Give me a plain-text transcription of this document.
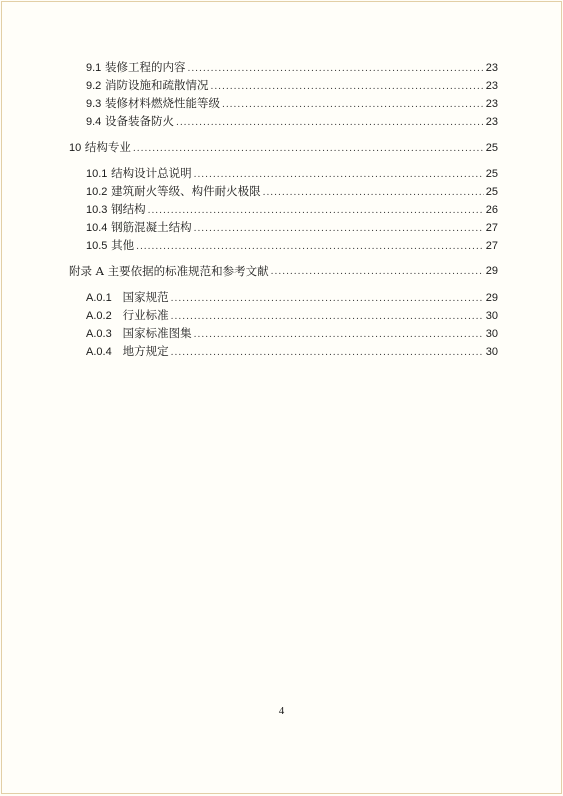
9.1 装修工程的内容 .....	23
9.2 消防设施和疏散情况 .....	23
9.3 装修材料燃烧性能等级 .....	23
9.4 设备装备防火 .....	23
10 结构专业 .....	25
10.1 结构设计总说明 .....	25
10.2 建筑耐火等级、构件耐火极限 .....	25
10.3 钢结构 .....	26
10.4 钢筋混凝土结构 .....	27
10.5 其他 .....	27
附录 A 主要依据的标准规范和参考文献 .....	29
A.0.1 国家规范 .....	29
A.0.2 行业标准 .....	30
A.0.3 国家标准图集 .....	30
A.0.4 地方规定 .....	30
4
